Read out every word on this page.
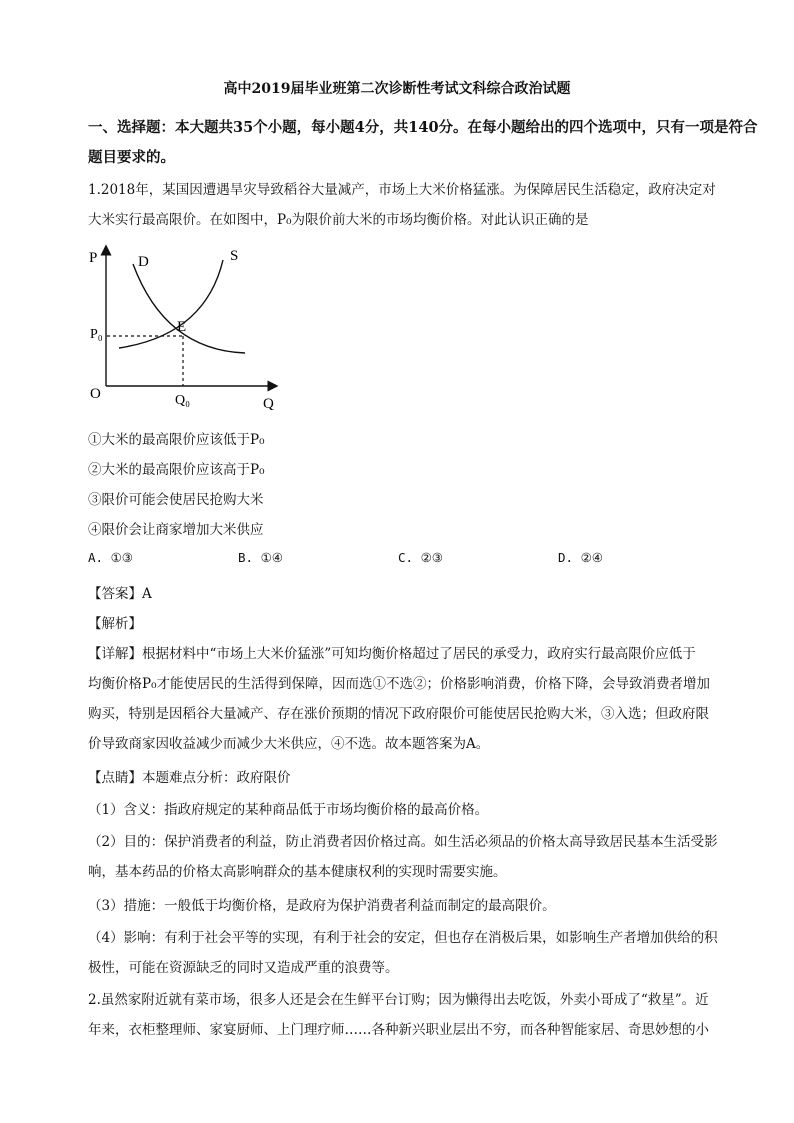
高中2019届毕业班第二次诊断性考试文科综合政治试题
一、选择题：本大题共35个小题，每小题4分，共140分。在每小题给出的四个选项中，只有一项是符合
题目要求的。
1.2018年，某国因遭遇旱灾导致稻谷大量减产，市场上大米价格猛涨。为保障居民生活稳定，政府决定对
大米实行最高限价。在如图中，P₀为限价前大米的市场均衡价格。对此认识正确的是
P
Q
O
D	S
E
P₀
Q₀
①大米的最高限价应该低于P₀
②大米的最高限价应该高于P₀
③限价可能会使居民抢购大米
④限价会让商家增加大米供应
A. ①③	B. ①④	C. ②③	D. ②④
【答案】A
【解析】
【详解】根据材料中“市场上大米价猛涨”可知均衡价格超过了居民的承受力，政府实行最高限价应低于
均衡价格P₀才能使居民的生活得到保障，因而选①不选②；价格影响消费，价格下降，会导致消费者增加
购买，特别是因稻谷大量减产、存在涨价预期的情况下政府限价可能使居民抢购大米，③入选；但政府限
价导致商家因收益减少而减少大米供应，④不选。故本题答案为A。
【点睛】本题难点分析：政府限价
（1）含义：指政府规定的某种商品低于市场均衡价格的最高价格。
（2）目的：保护消费者的利益，防止消费者因价格过高。如生活必须品的价格太高导致居民基本生活受影
响，基本药品的价格太高影响群众的基本健康权利的实现时需要实施。
（3）措施：一般低于均衡价格，是政府为保护消费者利益而制定的最高限价。
（4）影响：有利于社会平等的实现，有利于社会的安定，但也存在消极后果，如影响生产者增加供给的积
极性，可能在资源缺乏的同时又造成严重的浪费等。
2.虽然家附近就有菜市场，很多人还是会在生鲜平台订购；因为懒得出去吃饭，外卖小哥成了“救星”。近
年来，衣柜整理师、家宴厨师、上门理疗师……各种新兴职业层出不穷，而各种智能家居、奇思妙想的小
